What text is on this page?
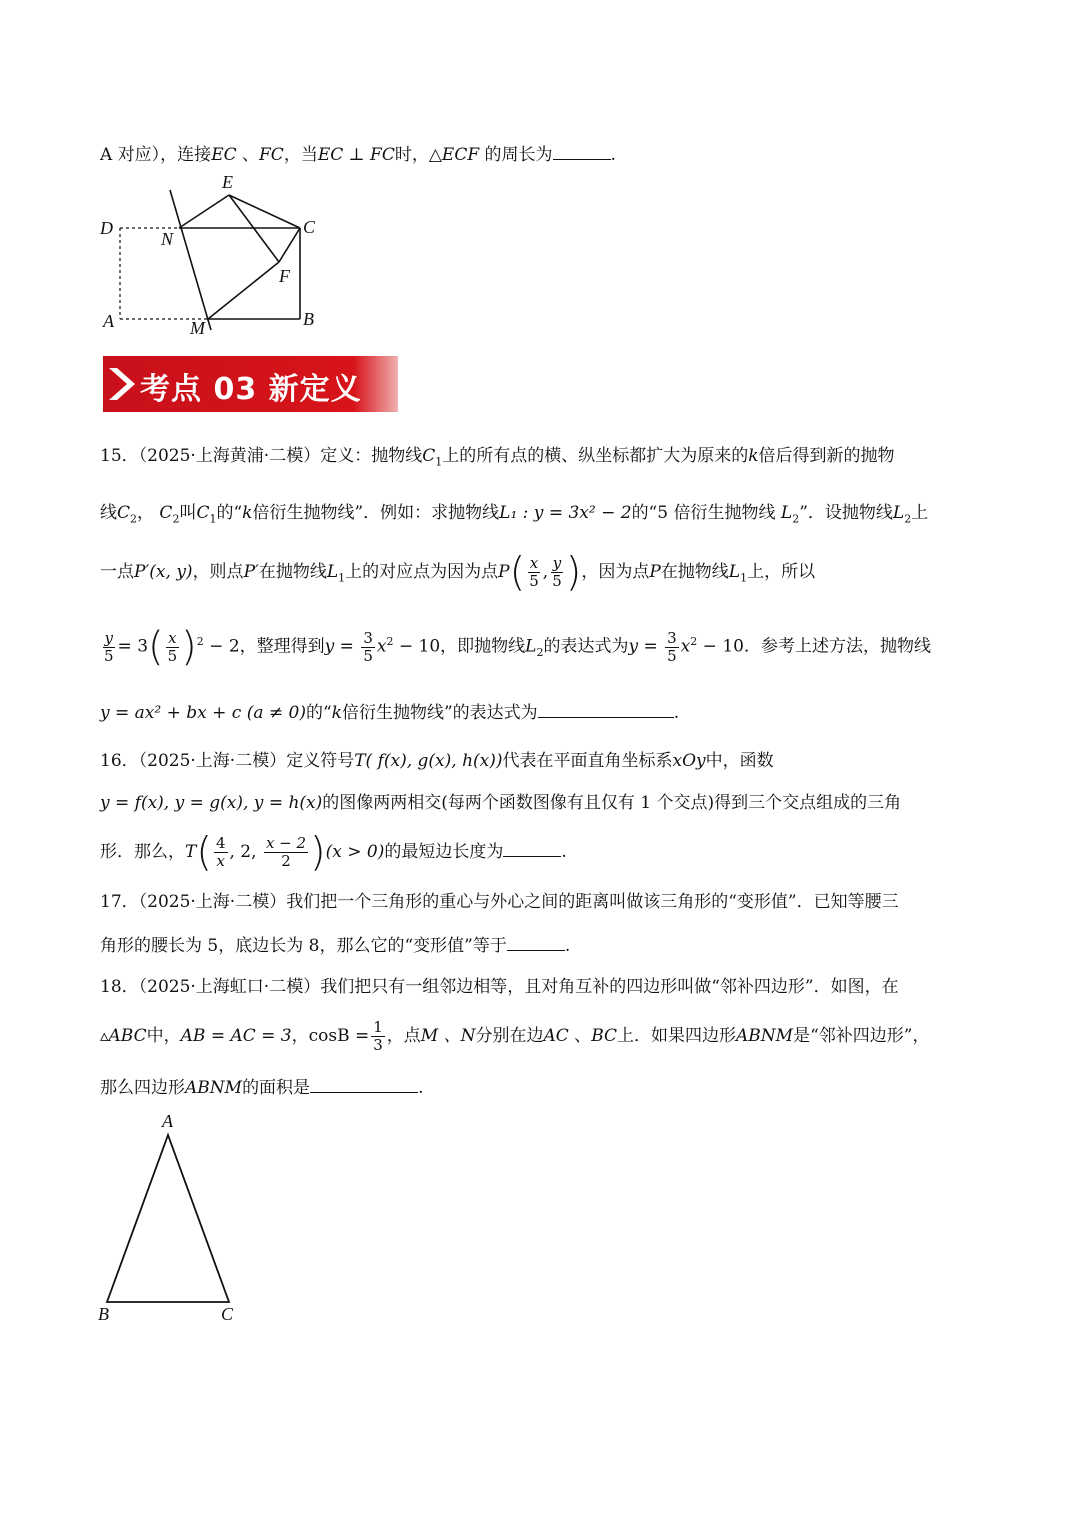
A 对应），连接EC 、FC，当EC ⊥ FC时，△ECF 的周长为	.
E
D
N
C
F
A	M	B
考点 03 新定义
15．（2025·上海黄浦·二模）定义：抛物线$C_1$上的所有点的横、纵坐标都扩大为原来的k倍后得到新的抛物
线$C_2$， $C_2$叫$C_1$的“k倍衍生抛物线”．例如：求抛物线L₁ : y = 3x² − 2的“5 倍衍生抛物线 $L_2$”．设抛物线$L_2$上
一点P′(x, y)，则点P′在抛物线$L_1$上的对应点为因为点$P( \frac{x}{5}$ , $\frac{y}{5}$ )，因为点P在抛物线$L_1$上，所以
$\frac{y}{5} = 3( \frac{x}{5} )^2 - 2$，整理得到$y = \frac{3}{5} x^2 - 10$，即抛物线$L_2$的表达式为$y = \frac{3}{5} x^2 - 10$．参考上述方法，抛物线
y = ax² + bx + c (a ≠ 0)的“k倍衍生抛物线”的表达式为	.
16．（2025·上海·二模）定义符号T( f(x), g(x), h(x))代表在平面直角坐标系xOy中，函数
y = f(x), y = g(x), y = h(x)的图像两两相交(每两个函数图像有且仅有 1 个交点)得到三个交点组成的三角
形．那么，$T( \frac{4}{x}$ , 2, $\frac{x - 2}{2} )(x > 0)$的最短边长度为	.
17．（2025·上海·二模）我们把一个三角形的重心与外心之间的距离叫做该三角形的“变形值”．已知等腰三
角形的腰长为 5，底边长为 8，那么它的“变形值”等于	.
18．（2025·上海虹口·二模）我们把只有一组邻边相等，且对角互补的四边形叫做“邻补四边形”．如图，在
▵ABC中，AB = AC = 3，$\cos B = \frac{1}{3}$ ，点M 、N分别在边AC 、BC上．如果四边形ABNM是“邻补四边形”，
那么四边形ABNM的面积是	.
A
B	C
